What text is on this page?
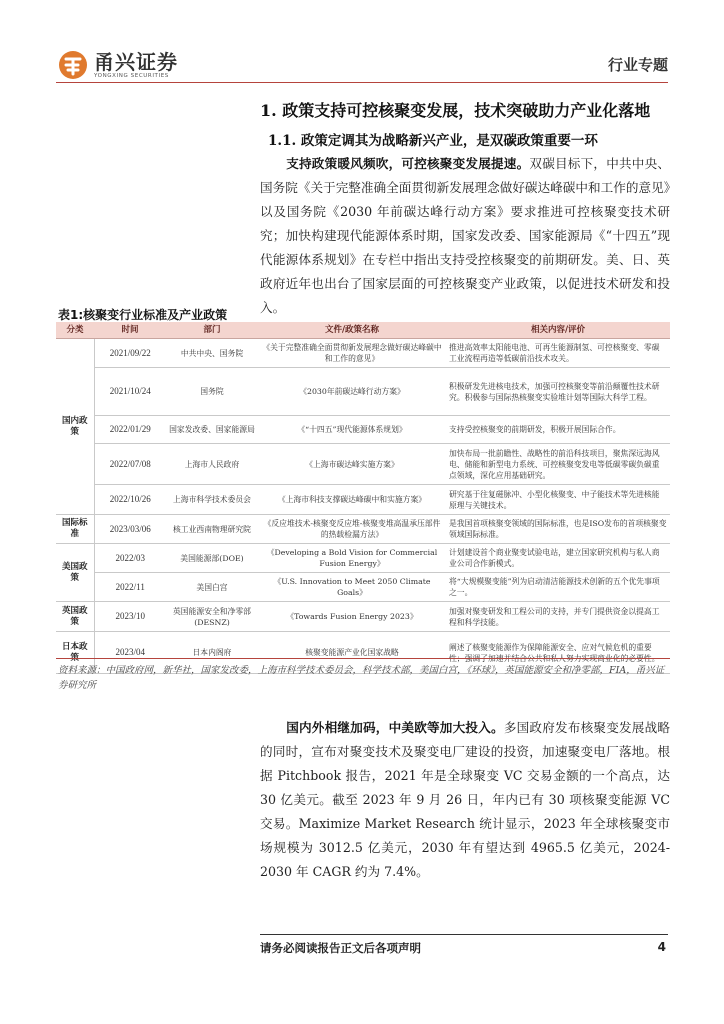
甬兴证券
YONGXING SECURITIES
行业专题
1. 政策支持可控核聚变发展，技术突破助力产业化落地
1.1. 政策定调其为战略新兴产业，是双碳政策重要一环
支持政策暖风频吹，可控核聚变发展提速。双碳目标下，中共中央、国务院《关于完整准确全面贯彻新发展理念做好碳达峰碳中和工作的意见》以及国务院《2030 年前碳达峰行动方案》要求推进可控核聚变技术研究；加快构建现代能源体系时期，国家发改委、国家能源局《“十四五”现代能源体系规划》在专栏中指出支持受控核聚变的前期研发。美、日、英政府近年也出台了国家层面的可控核聚变产业政策，以促进技术研发和投入。
表1:核聚变行业标准及产业政策
分类	时间	部门	文件/政策名称	相关内容/评价
国内政策	2021/09/22	中共中央、国务院	《关于完整准确全面贯彻新发展理念做好碳达峰碳中和工作的意见》	推进高效率太阳能电池、可再生能源制氢、可控核聚变、零碳工业流程再造等低碳前沿技术攻关。
	2021/10/24	国务院	《2030年前碳达峰行动方案》	积极研发先进核电技术，加强可控核聚变等前沿颠覆性技术研究。积极参与国际热核聚变实验堆计划等国际大科学工程。
	2022/01/29	国家发改委、国家能源局	《“十四五”现代能源体系规划》	支持受控核聚变的前期研发，积极开展国际合作。
	2022/07/08	上海市人民政府	《上海市碳达峰实施方案》	加快布局一批前瞻性、战略性的前沿科技项目，聚焦深远海风电、储能和新型电力系统、可控核聚变发电等低碳零碳负碳重点领域，深化应用基础研究。
	2022/10/26	上海市科学技术委员会	《上海市科技支撑碳达峰碳中和实施方案》	研究基于往复磁脉冲、小型化核聚变、中子能技术等先进核能原理与关键技术。
国际标准	2023/03/06	核工业西南物理研究院	《反应堆技术-核聚变反应堆-核聚变堆高温承压部件的热载检漏方法》	是我国首项核聚变领域的国际标准，也是ISO发布的首项核聚变领域国际标准。
美国政策	2022/03	美国能源部(DOE)	《Developing a Bold Vision for Commercial Fusion Energy》	计划建设首个商业聚变试验电站，建立国家研究机构与私人商业公司合作新模式。
	2022/11	美国白宫	《U.S. Innovation to Meet 2050 Climate Goals》	将“大规模聚变能”列为启动清洁能源技术创新的五个优先事项之一。
英国政策	2023/10	英国能源安全和净零部(DESNZ)	《Towards Fusion Energy 2023》	加强对聚变研发和工程公司的支持，并专门提供资金以提高工程和科学技能。
日本政策	2023/04	日本内阁府	核聚变能源产业化国家战略	阐述了核聚变能源作为保障能源安全、应对气候危机的重要性；强调了加速并结合公共和私人努力实现商业化的必要性。
资料来源：中国政府网，新华社，国家发改委，上海市科学技术委员会，科学技术部，美国白宫，《环球》，英国能源安全和净零部，FIA，甬兴证券研究所
国内外相继加码，中美欧等加大投入。多国政府发布核聚变发展战略的同时，宣布对聚变技术及聚变电厂建设的投资，加速聚变电厂落地。根据 Pitchbook 报告，2021 年是全球聚变 VC 交易金额的一个高点，达 30 亿美元。截至 2023 年 9 月 26 日，年内已有 30 项核聚变能源 VC 交易。Maximize Market Research 统计显示，2023 年全球核聚变市场规模为 3012.5 亿美元，2030 年有望达到 4965.5 亿美元，2024-2030 年 CAGR 约为 7.4%。
请务必阅读报告正文后各项声明	4
